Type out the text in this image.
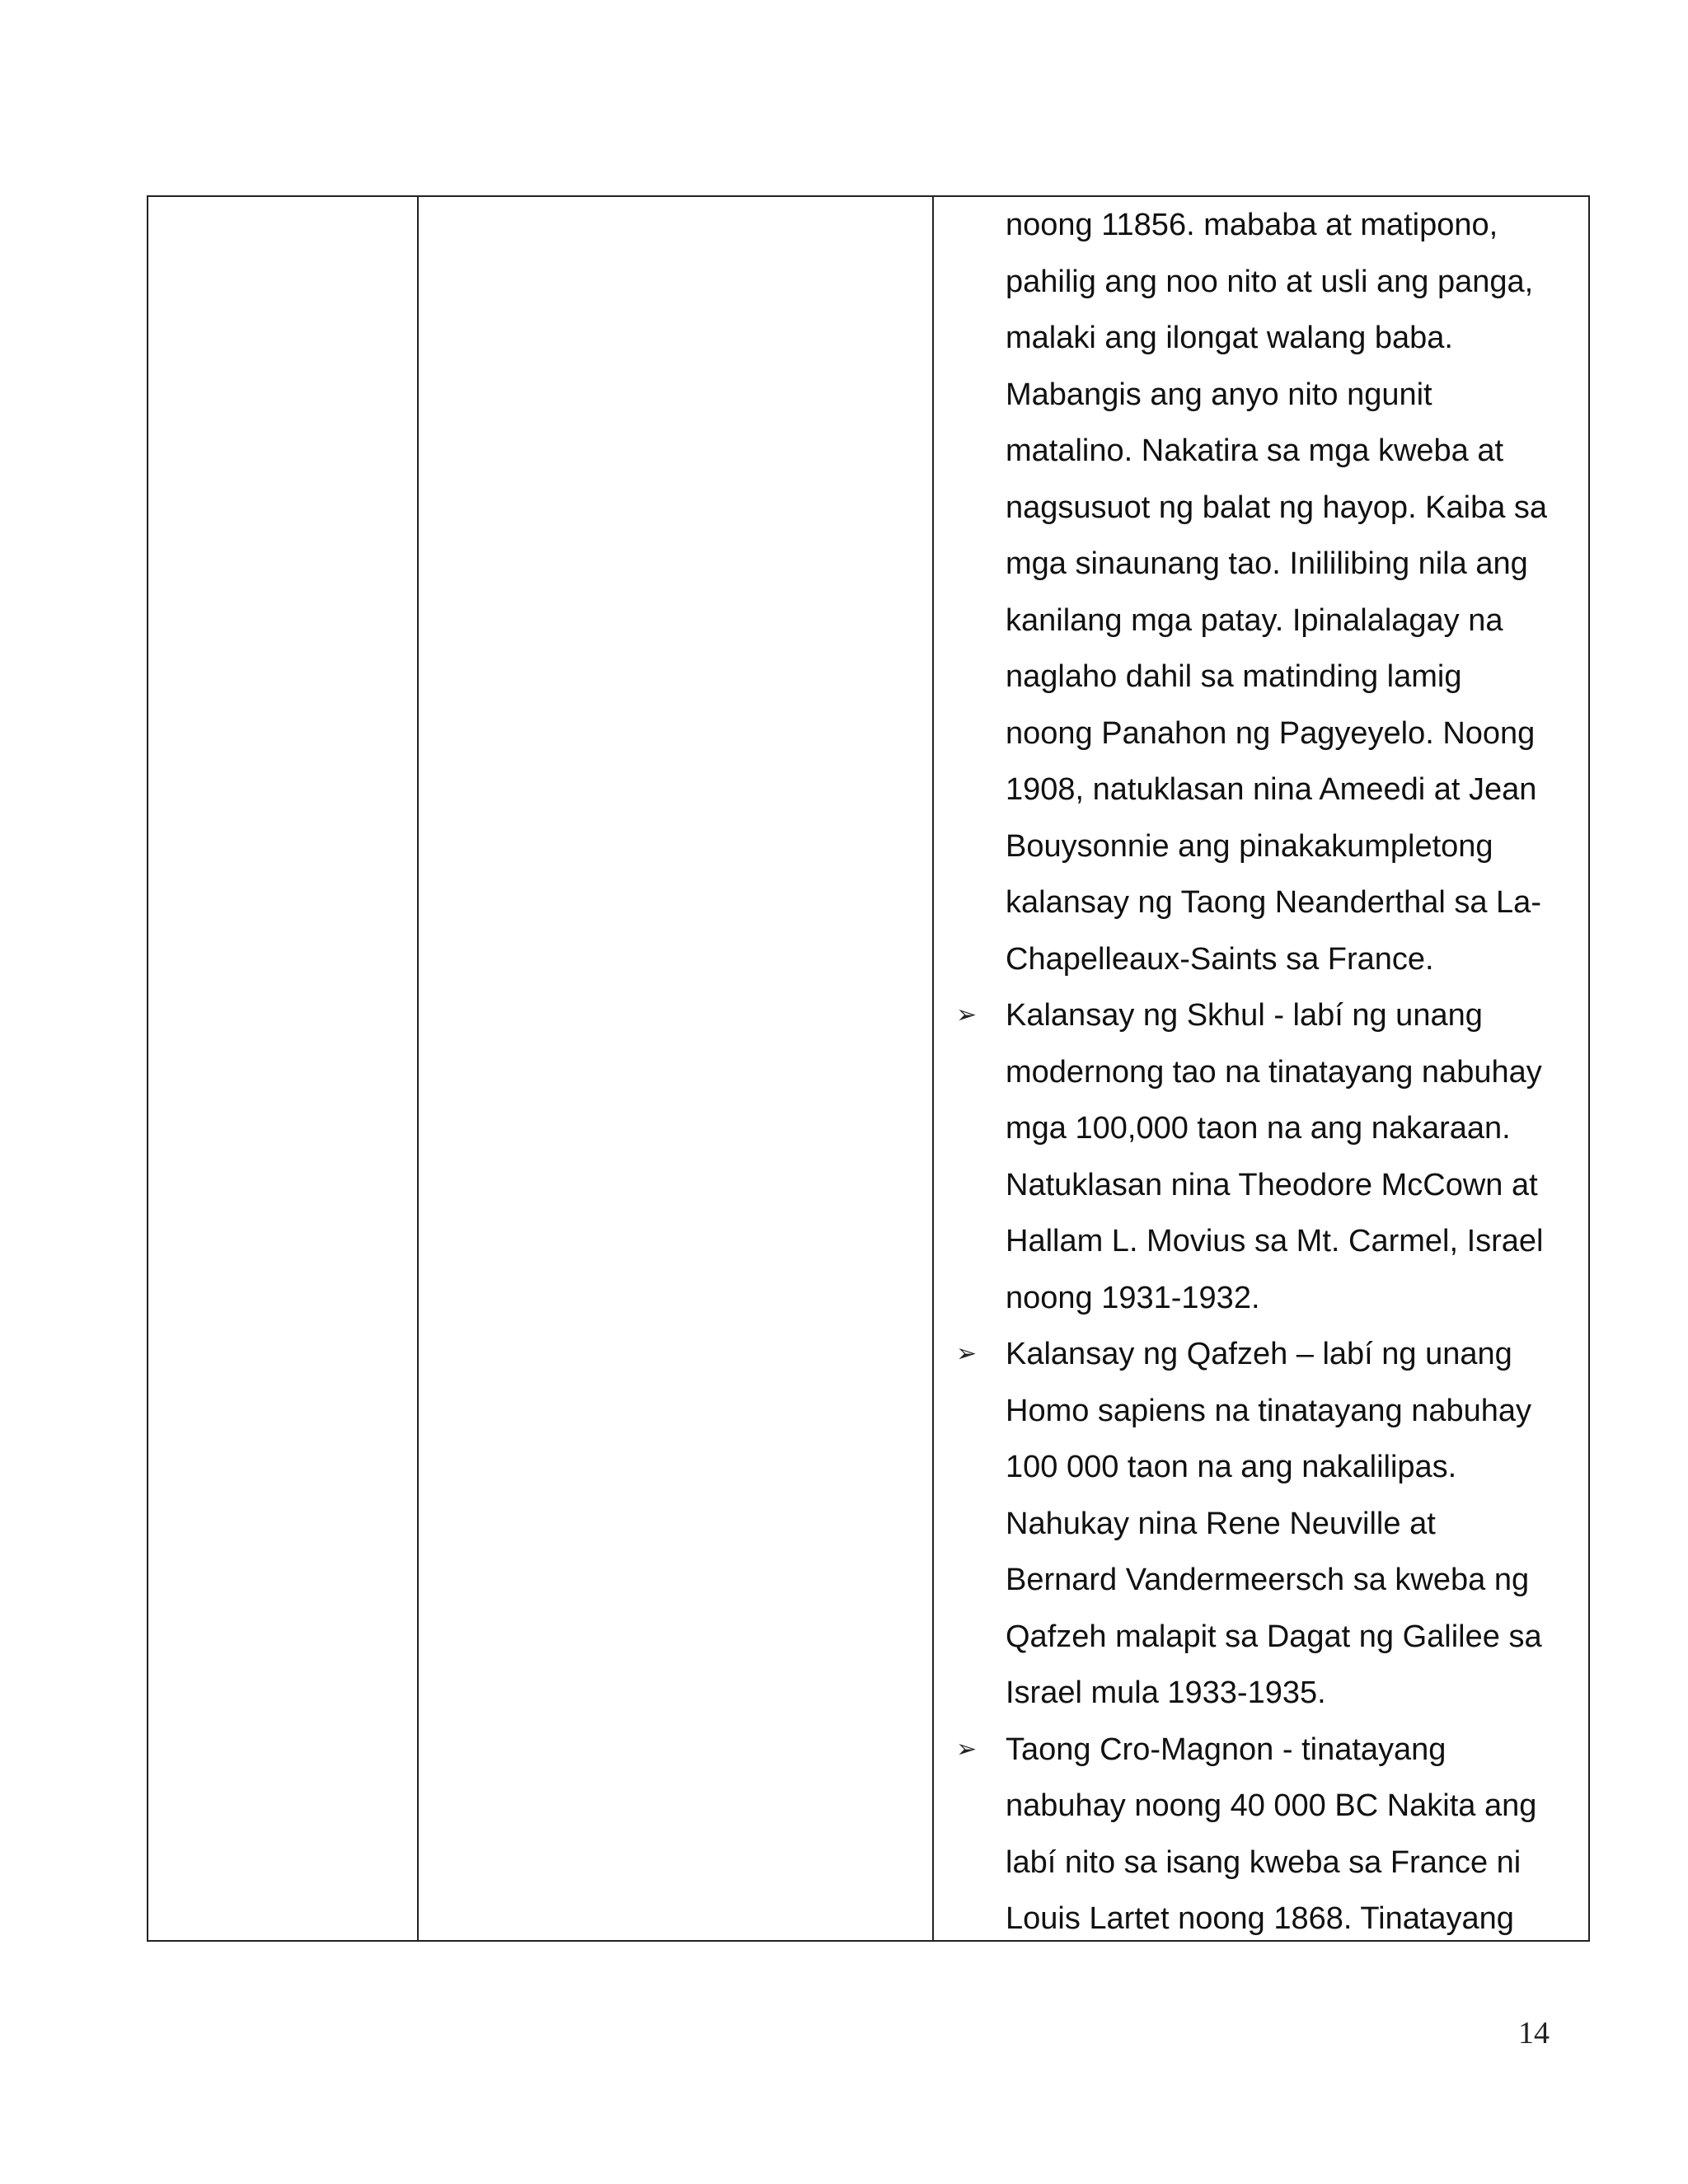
noong 11856. mababa at matipono,
pahilig ang noo nito at usli ang panga,
malaki ang ilongat walang baba.
Mabangis ang anyo nito ngunit
matalino. Nakatira sa mga kweba at
nagsusuot ng balat ng hayop. Kaiba sa
mga sinaunang tao. Inililibing nila ang
kanilang mga patay. Ipinalalagay na
naglaho dahil sa matinding lamig
noong Panahon ng Pagyeyelo. Noong
1908, natuklasan nina Ameedi at Jean
Bouysonnie ang pinakakumpletong
kalansay ng Taong Neanderthal sa La-
Chapelleaux-Saints sa France.
➢ Kalansay ng Skhul - labí ng unang
modernong tao na tinatayang nabuhay
mga 100,000 taon na ang nakaraan.
Natuklasan nina Theodore McCown at
Hallam L. Movius sa Mt. Carmel, Israel
noong 1931-1932.
➢ Kalansay ng Qafzeh – labí ng unang
Homo sapiens na tinatayang nabuhay
100 000 taon na ang nakalilipas.
Nahukay nina Rene Neuville at
Bernard Vandermeersch sa kweba ng
Qafzeh malapit sa Dagat ng Galilee sa
Israel mula 1933-1935.
➢ Taong Cro-Magnon - tinatayang
nabuhay noong 40 000 BC Nakita ang
labí nito sa isang kweba sa France ni
Louis Lartet noong 1868. Tinatayang
14
